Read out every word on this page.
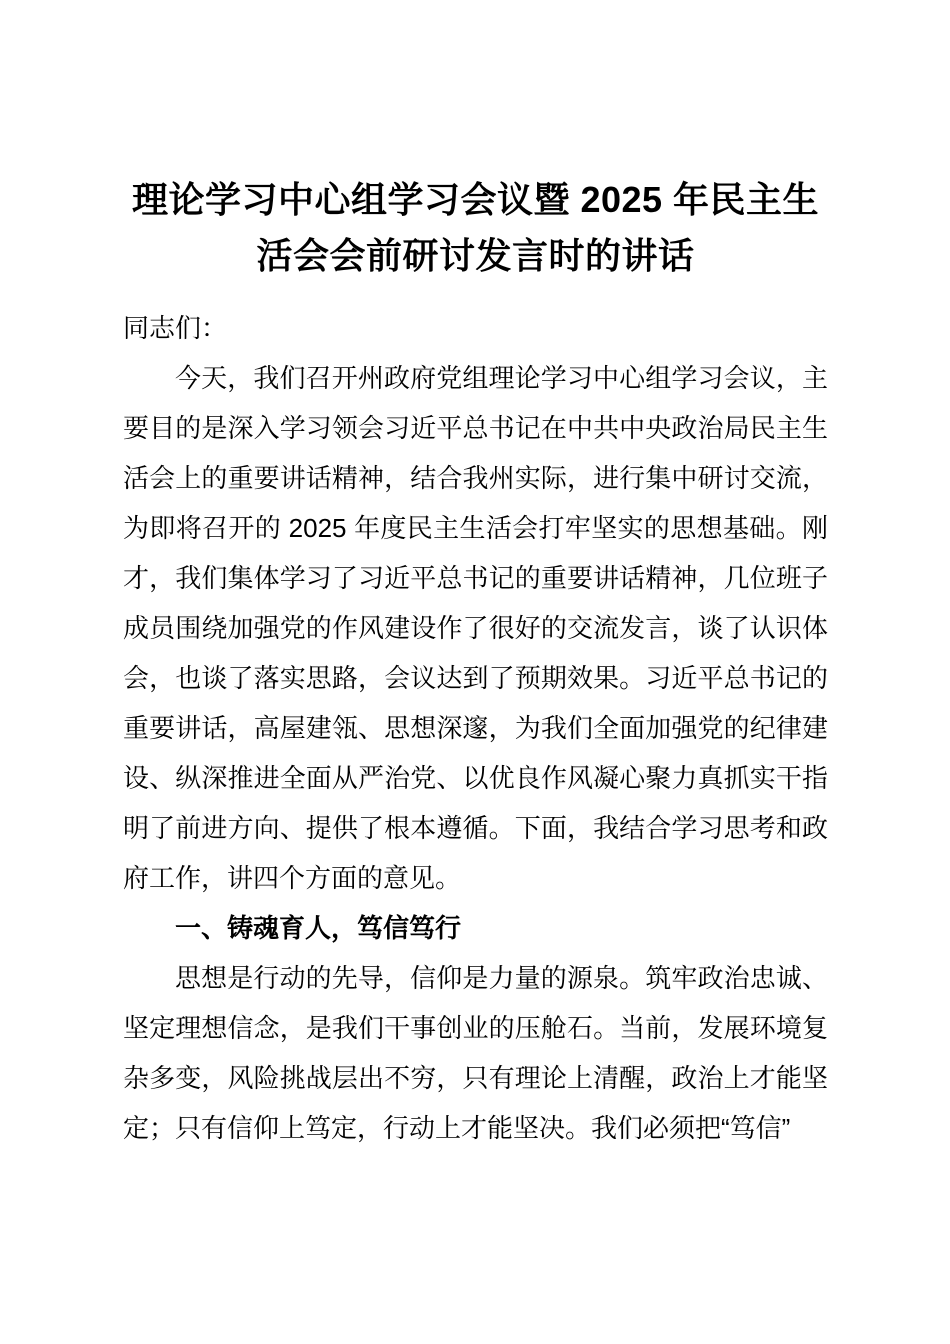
理论学习中心组学习会议暨 2025 年民主生活会会前研讨发言时的讲话

同志们：

今天，我们召开州政府党组理论学习中心组学习会议，主要目的是深入学习领会习近平总书记在中共中央政治局民主生活会上的重要讲话精神，结合我州实际，进行集中研讨交流，为即将召开的 2025 年度民主生活会打牢坚实的思想基础。刚才，我们集体学习了习近平总书记的重要讲话精神，几位班子成员围绕加强党的作风建设作了很好的交流发言，谈了认识体会，也谈了落实思路，会议达到了预期效果。习近平总书记的重要讲话，高屋建瓴、思想深邃，为我们全面加强党的纪律建设、纵深推进全面从严治党、以优良作风凝心聚力真抓实干指明了前进方向、提供了根本遵循。下面，我结合学习思考和政府工作，讲四个方面的意见。

一、铸魂育人，笃信笃行

思想是行动的先导，信仰是力量的源泉。筑牢政治忠诚、坚定理想信念，是我们干事创业的压舱石。当前，发展环境复杂多变，风险挑战层出不穷，只有理论上清醒，政治上才能坚定；只有信仰上笃定，行动上才能坚决。我们必须把“笃信”
